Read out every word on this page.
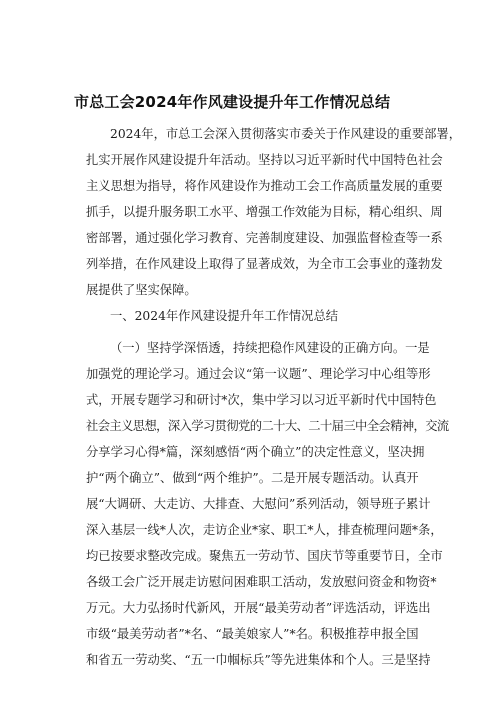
市总工会2024年作风建设提升年工作情况总结
2024年，市总工会深入贯彻落实市委关于作风建设的重要部署，
扎实开展作风建设提升年活动。坚持以习近平新时代中国特色社会
主义思想为指导，将作风建设作为推动工会工作高质量发展的重要
抓手，以提升服务职工水平、增强工作效能为目标，精心组织、周
密部署，通过强化学习教育、完善制度建设、加强监督检查等一系
列举措，在作风建设上取得了显著成效，为全市工会事业的蓬勃发
展提供了坚实保障。
一、2024年作风建设提升年工作情况总结
（一）坚持学深悟透，持续把稳作风建设的正确方向。一是
加强党的理论学习。通过会议“第一议题”、理论学习中心组等形
式，开展专题学习和研讨*次，集中学习以习近平新时代中国特色
社会主义思想，深入学习贯彻党的二十大、二十届三中全会精神，交流
分享学习心得*篇，深刻感悟“两个确立”的决定性意义，坚决拥
护“两个确立”、做到“两个维护”。二是开展专题活动。认真开
展“大调研、大走访、大排查、大慰问”系列活动，领导班子累计
深入基层一线*人次，走访企业*家、职工*人，排查梳理问题*条，
均已按要求整改完成。聚焦五一劳动节、国庆节等重要节日，全市
各级工会广泛开展走访慰问困难职工活动，发放慰问资金和物资*
万元。大力弘扬时代新风，开展“最美劳动者”评选活动，评选出
市级“最美劳动者”*名、“最美娘家人”*名。积极推荐申报全国
和省五一劳动奖、“五一巾帼标兵”等先进集体和个人。三是坚持
